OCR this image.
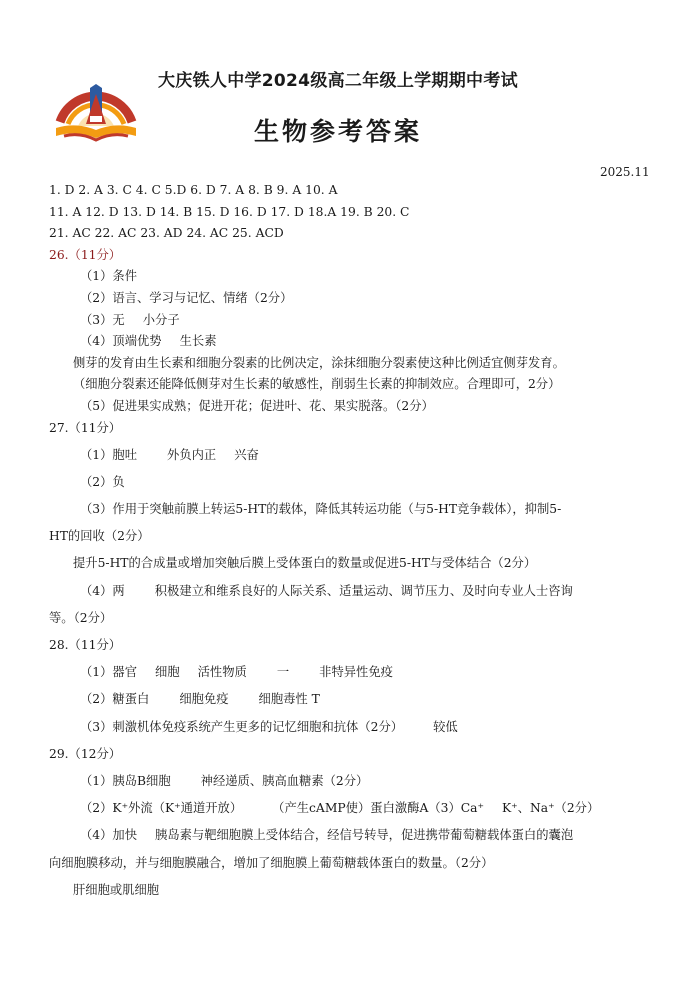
大庆铁人中学2024级高二年级上学期期中考试
生物参考答案
2025.11
1. D 2. A 3. C 4. C 5.D 6. D 7. A 8. B 9. A 10. A
11. A 12. D 13. D 14. B 15. D 16. D 17. D 18.A 19. B 20. C
21. AC 22. AC 23. AD 24. AC 25. ACD
26.（11分）
（1）条件
（2）语言、学习与记忆、情绪（2分）
（3）无 小分子
（4）顶端优势 生长素
侧芽的发育由生长素和细胞分裂素的比例决定，涂抹细胞分裂素使这种比例适宜侧芽发育。
（细胞分裂素还能降低侧芽对生长素的敏感性，削弱生长素的抑制效应。合理即可，2分）
（5）促进果实成熟；促进开花；促进叶、花、果实脱落。（2分）
27.（11分）
（1）胞吐 外负内正 兴奋
（2）负
（3）作用于突触前膜上转运5-HT的载体，降低其转运功能（与5-HT竞争载体），抑制5-
HT的回收（2分）
提升5-HT的合成量或增加突触后膜上受体蛋白的数量或促进5-HT与受体结合（2分）
（4）两 积极建立和维系良好的人际关系、适量运动、调节压力、及时向专业人士咨询
等。（2分）
28.（11分）
（1）器官 细胞 活性物质 一 非特异性免疫
（2）糖蛋白 细胞免疫 细胞毒性 T
（3）刺激机体免疫系统产生更多的记忆细胞和抗体（2分） 较低
29.（12分）
（1）胰岛B细胞 神经递质、胰高血糖素（2分）
（2）K⁺外流（K⁺通道开放） （产生cAMP使）蛋白激酶A（3）Ca⁺ K⁺、Na⁺（2分）
（4）加快 胰岛素与靶细胞膜上受体结合，经信号转导，促进携带葡萄糖载体蛋白的囊泡
向细胞膜移动，并与细胞膜融合，增加了细胞膜上葡萄糖载体蛋白的数量。（2分）
肝细胞或肌细胞
